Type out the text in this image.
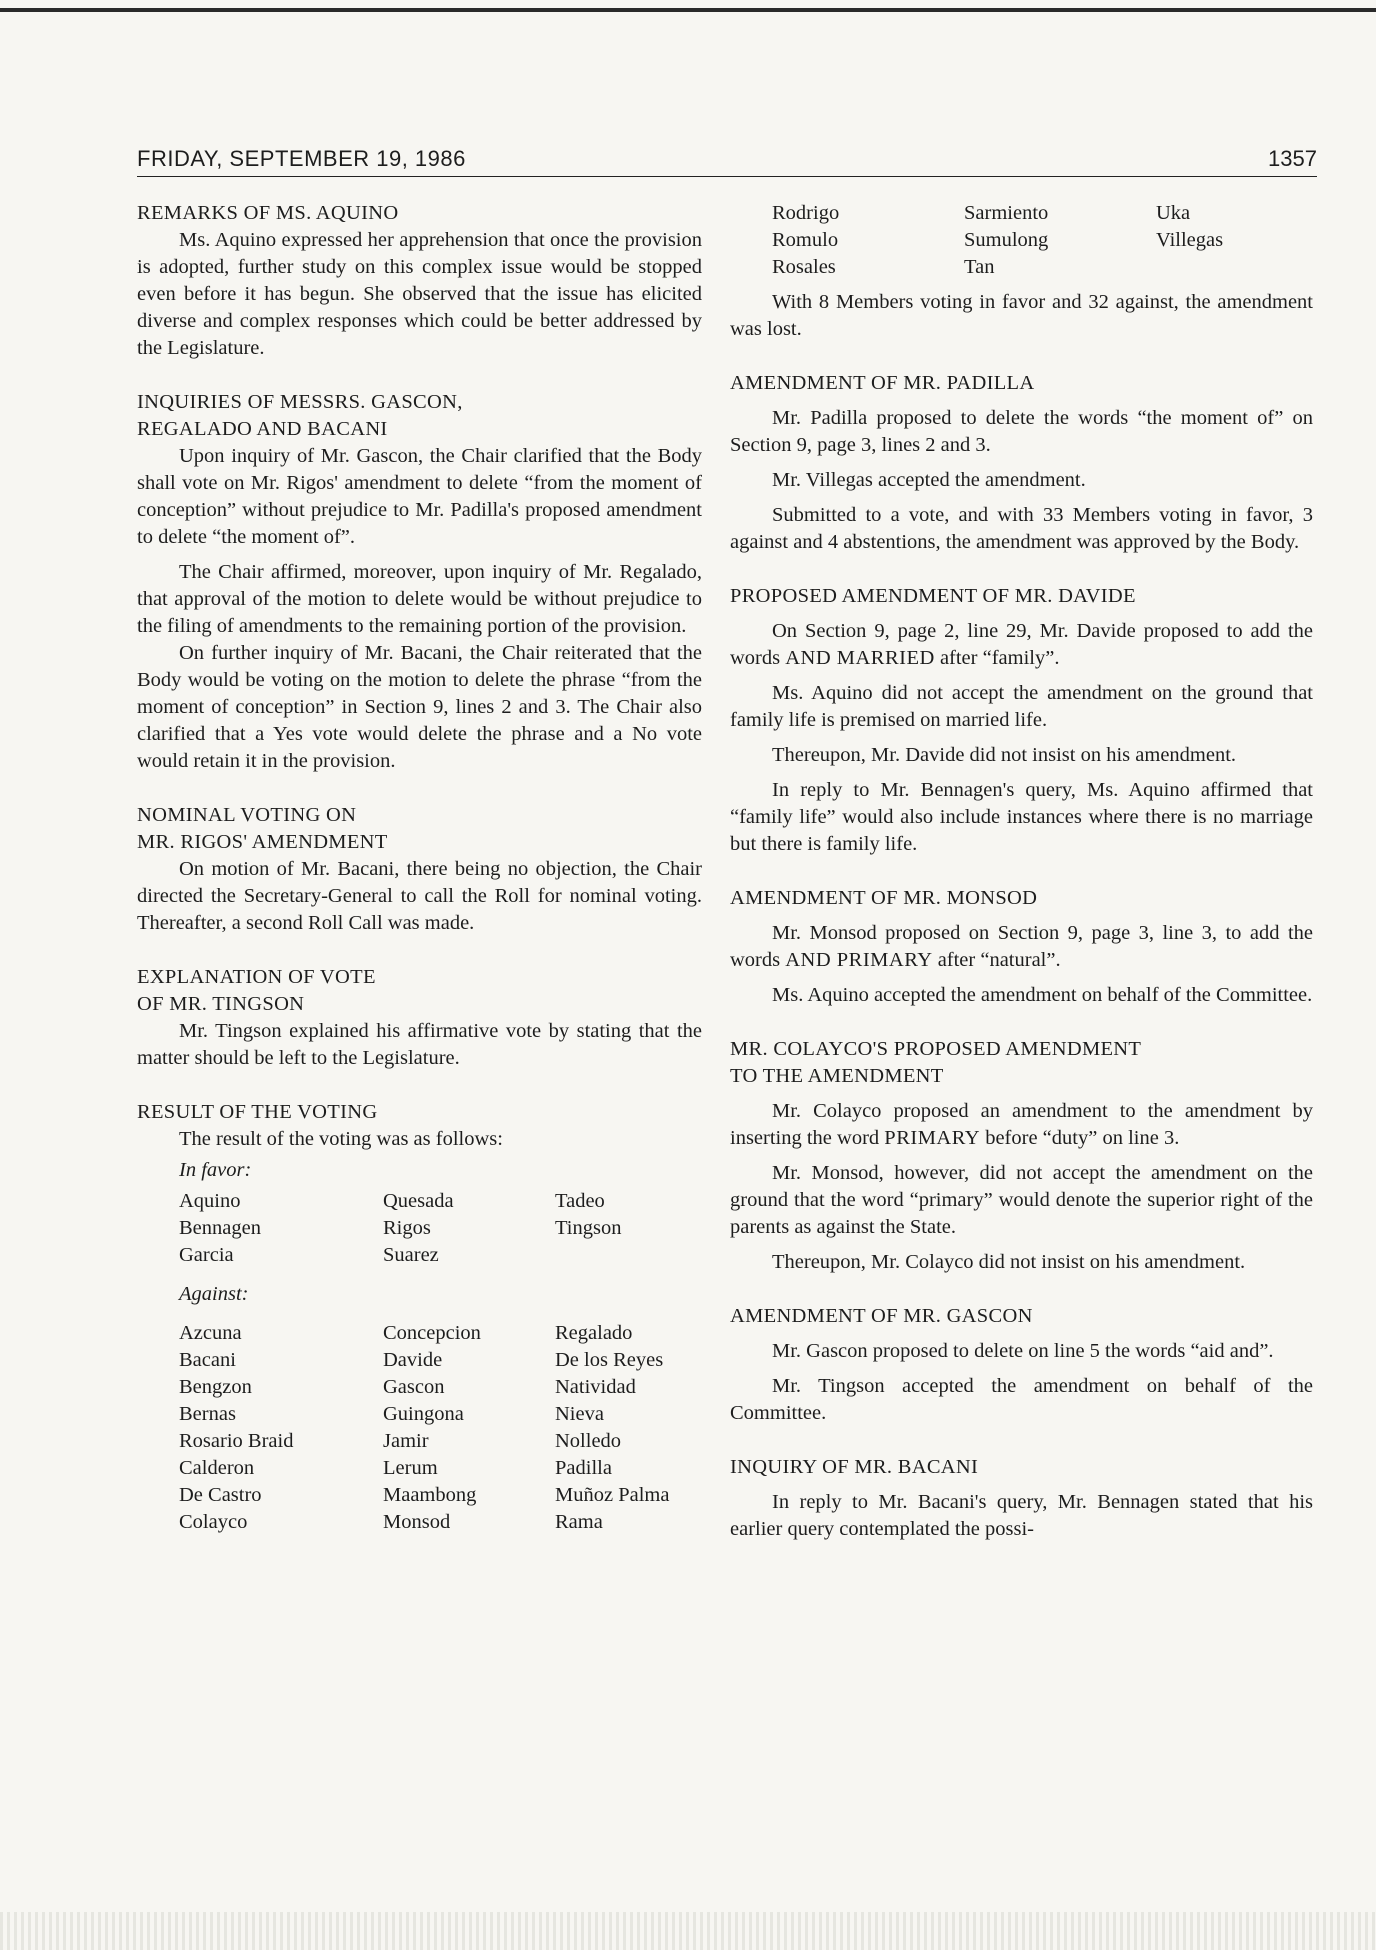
FRIDAY, SEPTEMBER 19, 1986	1357
REMARKS OF MS. AQUINO

Ms. Aquino expressed her apprehension that once the provision is adopted, further study on this complex issue would be stopped even before it has begun. She observed that the issue has elicited diverse and complex responses which could be better addressed by the Legislature.

INQUIRIES OF MESSRS. GASCON,
REGALADO AND BACANI

Upon inquiry of Mr. Gascon, the Chair clarified that the Body shall vote on Mr. Rigos' amendment to delete “from the moment of conception” without prejudice to Mr. Padilla's proposed amendment to delete “the moment of”.

The Chair affirmed, moreover, upon inquiry of Mr. Regalado, that approval of the motion to delete would be without prejudice to the filing of amendments to the remaining portion of the provision.

On further inquiry of Mr. Bacani, the Chair reiterated that the Body would be voting on the motion to delete the phrase “from the moment of conception” in Section 9, lines 2 and 3. The Chair also clarified that a Yes vote would delete the phrase and a No vote would retain it in the provision.

NOMINAL VOTING ON
MR. RIGOS' AMENDMENT

On motion of Mr. Bacani, there being no objection, the Chair directed the Secretary-General to call the Roll for nominal voting. Thereafter, a second Roll Call was made.

EXPLANATION OF VOTE
OF MR. TINGSON

Mr. Tingson explained his affirmative vote by stating that the matter should be left to the Legislature.

RESULT OF THE VOTING
The result of the voting was as follows:
In favor:
Aquino	Quesada	Tadeo
Bennagen	Rigos	Tingson
Garcia	Suarez
Against:
Azcuna	Concepcion	Regalado
Bacani	Davide	De los Reyes
Bengzon	Gascon	Natividad
Bernas	Guingona	Nieva
Rosario Braid	Jamir	Nolledo
Calderon	Lerum	Padilla
De Castro	Maambong	Muñoz Palma
Colayco	Monsod	Rama
Rodrigo	Sarmiento	Uka
Romulo	Sumulong	Villegas
Rosales	Tan

With 8 Members voting in favor and 32 against, the amendment was lost.

AMENDMENT OF MR. PADILLA

Mr. Padilla proposed to delete the words “the moment of” on Section 9, page 3, lines 2 and 3.

Mr. Villegas accepted the amendment.

Submitted to a vote, and with 33 Members voting in favor, 3 against and 4 abstentions, the amendment was approved by the Body.

PROPOSED AMENDMENT OF MR. DAVIDE

On Section 9, page 2, line 29, Mr. Davide proposed to add the words AND MARRIED after “family”.

Ms. Aquino did not accept the amendment on the ground that family life is premised on married life.

Thereupon, Mr. Davide did not insist on his amendment.

In reply to Mr. Bennagen's query, Ms. Aquino affirmed that “family life” would also include instances where there is no marriage but there is family life.

AMENDMENT OF MR. MONSOD

Mr. Monsod proposed on Section 9, page 3, line 3, to add the words AND PRIMARY after “natural”.

Ms. Aquino accepted the amendment on behalf of the Committee.

MR. COLAYCO'S PROPOSED AMENDMENT
TO THE AMENDMENT

Mr. Colayco proposed an amendment to the amendment by inserting the word PRIMARY before “duty” on line 3.

Mr. Monsod, however, did not accept the amendment on the ground that the word “primary” would denote the superior right of the parents as against the State.

Thereupon, Mr. Colayco did not insist on his amendment.

AMENDMENT OF MR. GASCON

Mr. Gascon proposed to delete on line 5 the words “aid and”.

Mr. Tingson accepted the amendment on behalf of the Committee.

INQUIRY OF MR. BACANI

In reply to Mr. Bacani's query, Mr. Bennagen stated that his earlier query contemplated the possi-
